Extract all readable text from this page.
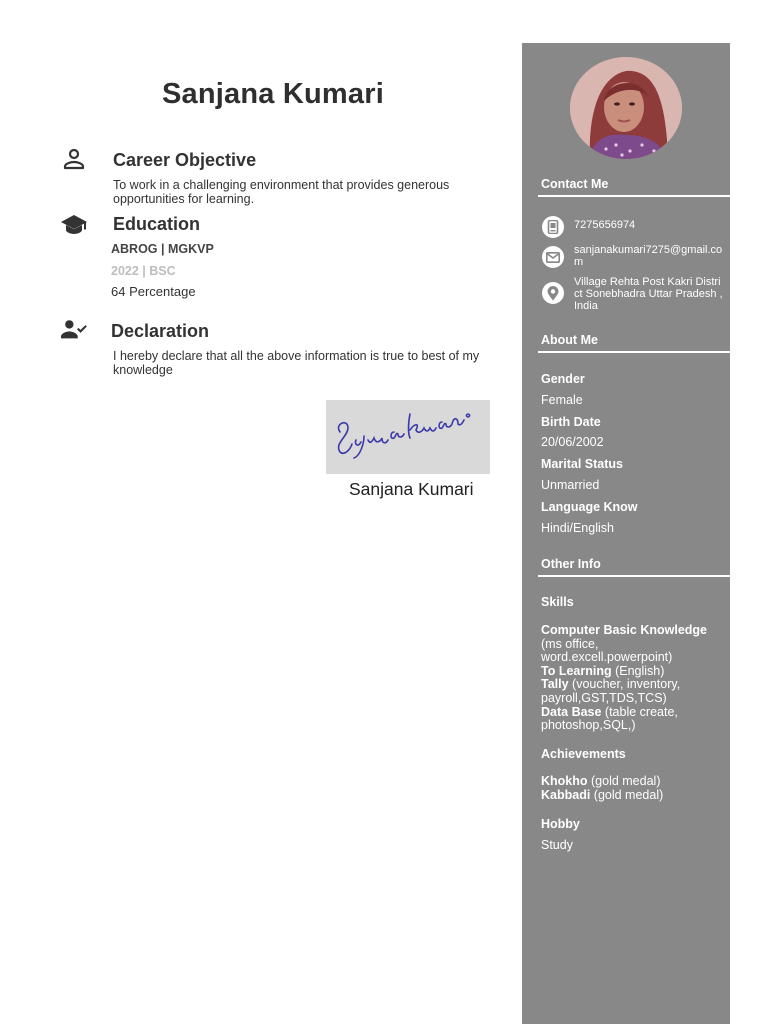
Sanjana Kumari
Career Objective
To work in a challenging environment that provides generous opportunities for learning.
Education
ABROG | MGKVP
2022 | BSC
64 Percentage
Declaration
I hereby declare that all the above information is true to best of my knowledge
Sanjana Kumari
Contact Me
7275656974
sanjanakumari7275@gmail.com
Village Rehta Post Kakri District Sonebhadra Uttar Pradesh , India
About Me
Gender
Female
Birth Date
20/06/2002
Marital Status
Unmarried
Language Know
Hindi/English
Other Info
Skills
Computer Basic Knowledge (ms office, word.excell.powerpoint)
To Learning (English)
Tally (voucher, inventory, payroll,GST,TDS,TCS)
Data Base (table create, photoshop,SQL,)
Achievements
Khokho (gold medal)
Kabbadi (gold medal)
Hobby
Study
